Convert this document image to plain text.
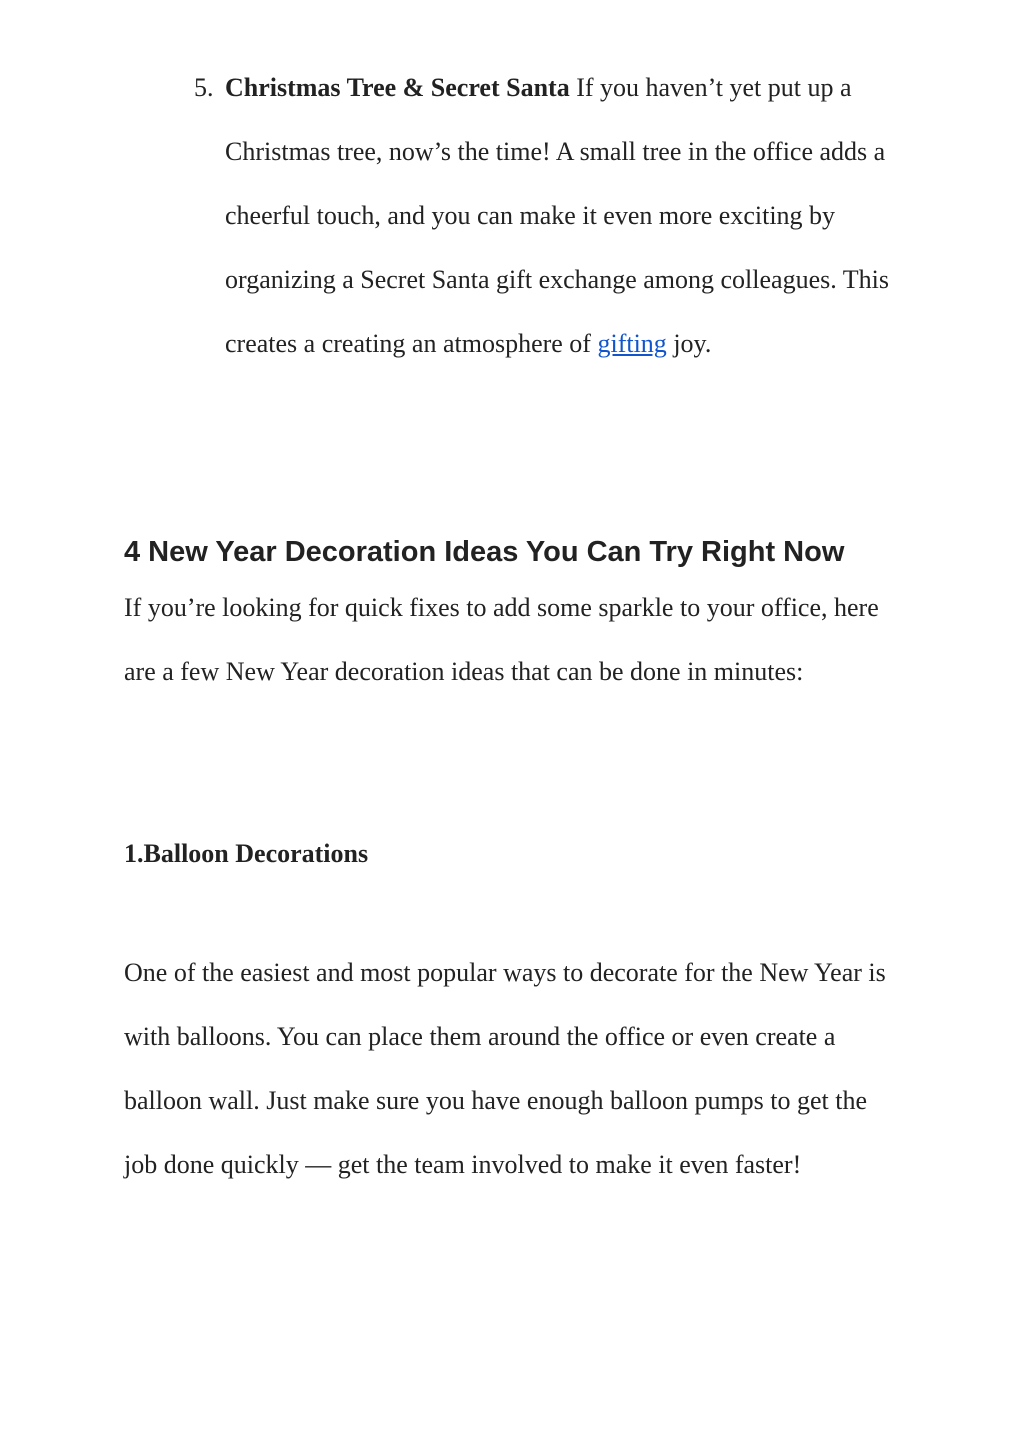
5. Christmas Tree & Secret Santa If you haven’t yet put up a Christmas tree, now’s the time! A small tree in the office adds a cheerful touch, and you can make it even more exciting by organizing a Secret Santa gift exchange among colleagues. This creates a creating an atmosphere of gifting joy.
4 New Year Decoration Ideas You Can Try Right Now

If you’re looking for quick fixes to add some sparkle to your office, here are a few New Year decoration ideas that can be done in minutes:

1.Balloon Decorations

One of the easiest and most popular ways to decorate for the New Year is with balloons. You can place them around the office or even create a balloon wall. Just make sure you have enough balloon pumps to get the job done quickly — get the team involved to make it even faster!
